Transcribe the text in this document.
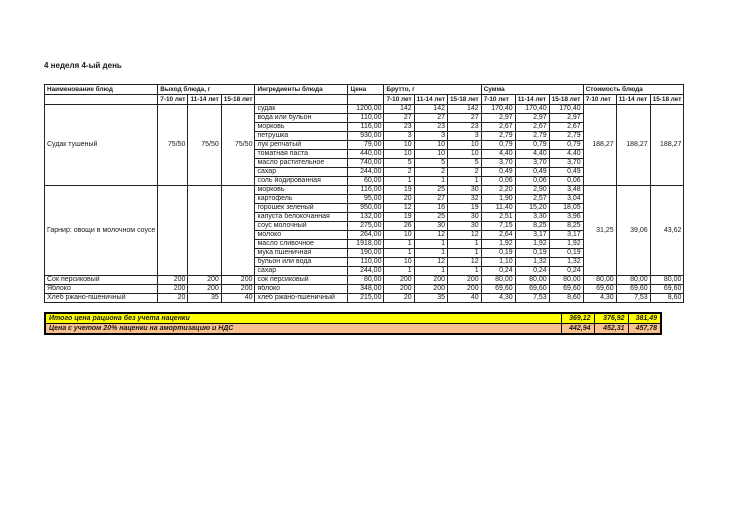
4 неделя 4-ый день
Наименование блюд	Выход блюда, г			Ингредиенты блюда	Цена	Брутто, г			Сумма			Стоимость блюда		
	7-10 лет	11-14 лет	15-18 лет			7-10 лет	11-14 лет	15-18 лет	7-10 лет	11-14 лет	15-18 лет	7-10 лет	11-14 лет	15-18 лет
Судак тушеный	75/50	75/50	75/50	судак	1200,00	142	142	142	170,40	170,40	170,40	188,27	188,27	188,27
				вода или бульон	110,00	27	27	27	2,97	2,97	2,97			
				морковь	116,00	23	23	23	2,67	2,67	2,67			
				петрушка	930,00	3	3	3	2,79	2,79	2,79			
				лук репчатый	79,00	10	10	10	0,79	0,79	0,79			
				томатная паста	440,00	10	10	10	4,40	4,40	4,40			
				масло растительное	740,00	5	5	5	3,70	3,70	3,70			
				сахар	244,00	2	2	2	0,49	0,49	0,49			
				соль йодированная	60,00	1	1	1	0,06	0,06	0,06			
Гарнир: овощи в молочном соусе				морковь	116,00	19	25	30	2,20	2,90	3,48	31,25	39,06	43,62
				картофель	95,00	20	27	32	1,90	2,57	3,04			
				горошек зеленый	950,00	12	16	19	11,40	15,20	18,05			
				капуста белокочанная	132,00	19	25	30	2,51	3,30	3,96			
				соус молочный	275,00	26	30	30	7,15	8,25	8,25			
				молоко	264,00	10	12	12	2,64	3,17	3,17			
				масло сливочное	1918,00	1	1	1	1,92	1,92	1,92			
				мука пшеничная	190,00	1	1	1	0,19	0,19	0,19			
				бульон или вода	110,00	10	12	12	1,10	1,32	1,32			
				сахар	244,00	1	1	1	0,24	0,24	0,24			
Сок персиковый	200	200	200	сок персиковый	80,00	200	200	200	80,00	80,00	80,00	80,00	80,00	80,00
Яблоко	200	200	200	яблоко	348,00	200	200	200	69,60	69,60	69,60	69,60	69,60	69,60
Хлеб ржано-пшеничный	20	35	40	хлеб ржано-пшеничный	215,00	20	35	40	4,30	7,53	8,60	4,30	7,53	8,60
Итого цена рациона без учета наценки	369,12	376,92	381,49
Цена с учетом 20% наценки на амортизацию и НДС	442,94	452,31	457,78
